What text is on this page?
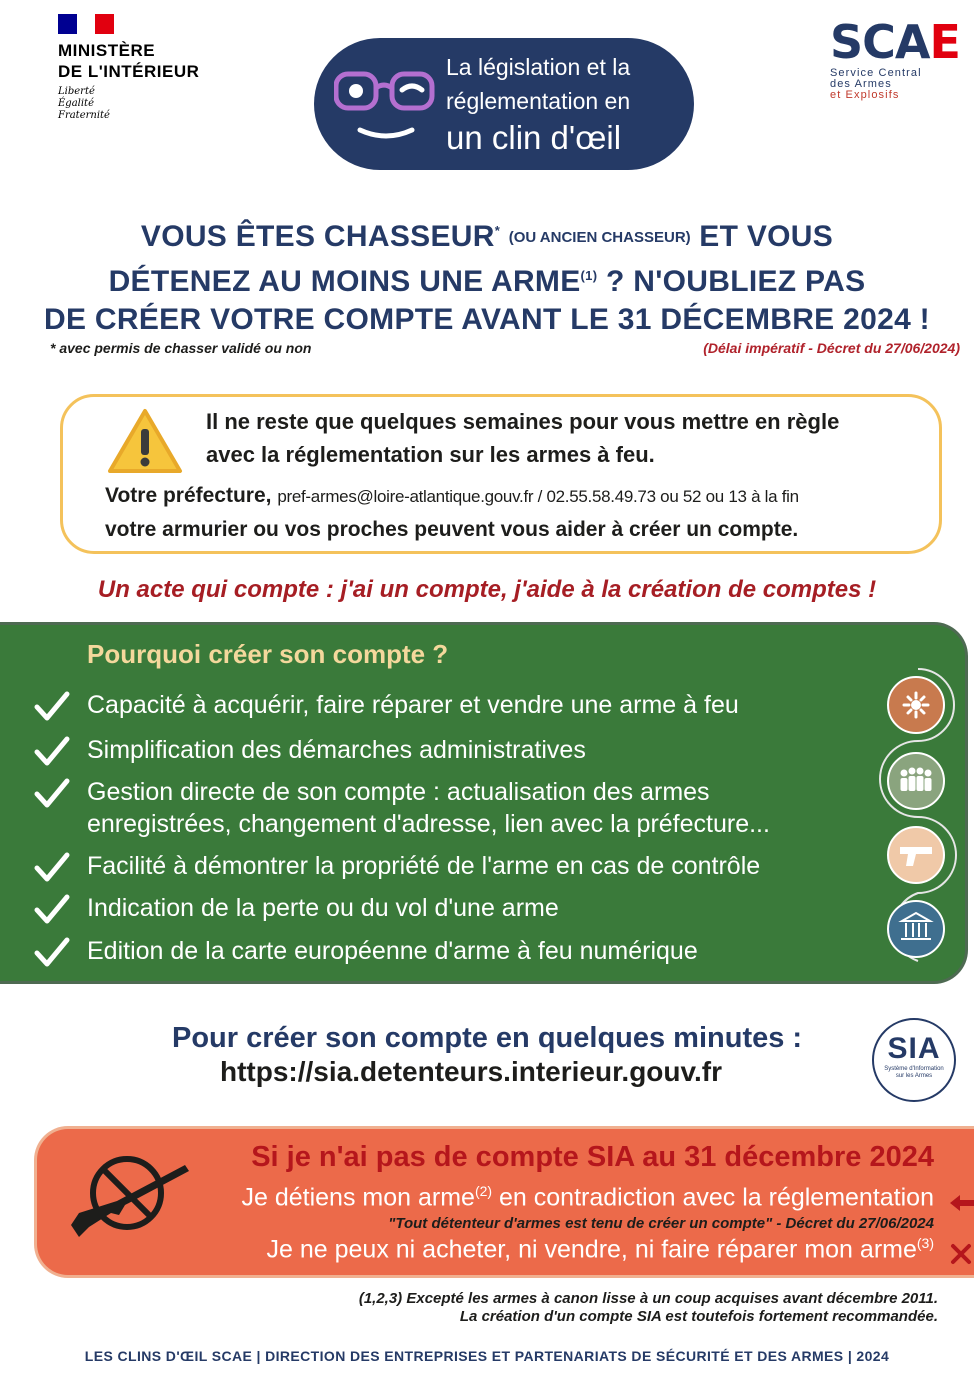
MINISTÈRE
DE L'INTÉRIEUR
Liberté
Égalité
Fraternité
La législation et la
réglementation en
un clin d'œil
SCAE
Service Central
des Armes
et Explosifs
VOUS ÊTES CHASSEUR* (OU ANCIEN CHASSEUR) ET VOUS
DÉTENEZ AU MOINS UNE ARME$^{(1)}$ ? N'OUBLIEZ PAS
DE CRÉER VOTRE COMPTE AVANT LE 31 DÉCEMBRE 2024 !
* avec permis de chasser validé ou non	(Délai impératif - Décret du 27/06/2024)
Il ne reste que quelques semaines pour vous mettre en règle
avec la réglementation sur les armes à feu.
Votre préfecture, pref-armes@loire-atlantique.gouv.fr / 02.55.58.49.73 ou 52 ou 13 à la fin
votre armurier ou vos proches peuvent vous aider à créer un compte.
Un acte qui compte : j'ai un compte, j'aide à la création de comptes !
Pourquoi créer son compte ?
Capacité à acquérir, faire réparer et vendre une arme à feu
Simplification des démarches administratives
Gestion directe de son compte : actualisation des armes
enregistrées, changement d'adresse, lien avec la préfecture...
Facilité à démontrer la propriété de l'arme en cas de contrôle
Indication de la perte ou du vol d'une arme
Edition de la carte européenne d'arme à feu numérique
Pour créer son compte en quelques minutes :
https://sia.detenteurs.interieur.gouv.fr
SIA
Système d'Information
sur les Armes
Si je n'ai pas de compte SIA au 31 décembre 2024
Je détiens mon arme$^{(2)}$ en contradiction avec la réglementation
"Tout détenteur d'armes est tenu de créer un compte" - Décret du 27/06/2024
Je ne peux ni acheter, ni vendre, ni faire réparer mon arme$^{(3)}$
(1,2,3) Excepté les armes à canon lisse à un coup acquises avant décembre 2011.
La création d'un compte SIA est toutefois fortement recommandée.
LES CLINS D'ŒIL SCAE | DIRECTION DES ENTREPRISES ET PARTENARIATS DE SÉCURITÉ ET DES ARMES | 2024
